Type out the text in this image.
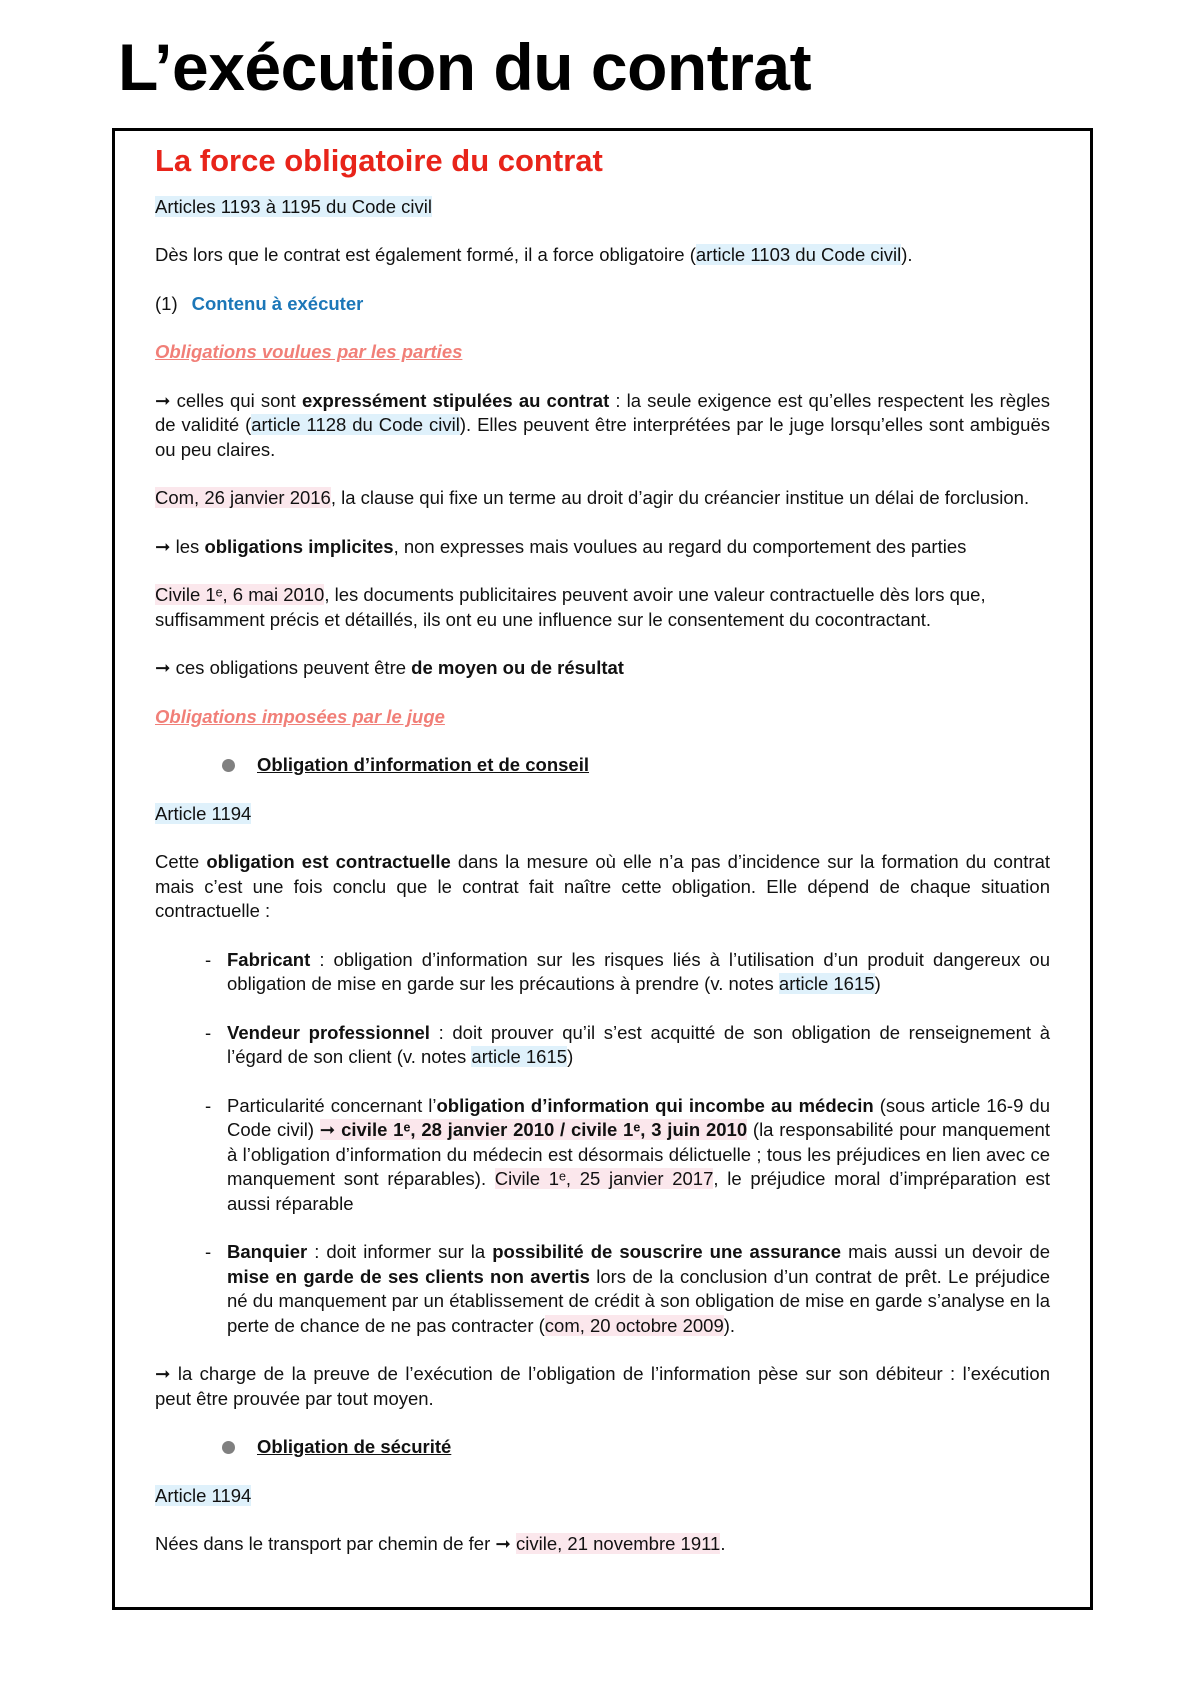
L’exécution du contrat
La force obligatoire du contrat

Articles 1193 à 1195 du Code civil

Dès lors que le contrat est également formé, il a force obligatoire (article 1103 du Code civil).

(1) Contenu à exécuter

Obligations voulues par les parties

➞ celles qui sont expressément stipulées au contrat : la seule exigence est qu’elles respectent les règles de validité (article 1128 du Code civil). Elles peuvent être interprétées par le juge lorsqu’elles sont ambiguës ou peu claires.

Com, 26 janvier 2016, la clause qui fixe un terme au droit d’agir du créancier institue un délai de forclusion.

➞ les obligations implicites, non expresses mais voulues au regard du comportement des parties

Civile 1ᵉ, 6 mai 2010, les documents publicitaires peuvent avoir une valeur contractuelle dès lors que, suffisamment précis et détaillés, ils ont eu une influence sur le consentement du cocontractant.

➞ ces obligations peuvent être de moyen ou de résultat

Obligations imposées par le juge

Obligation d’information et de conseil

Article 1194

Cette obligation est contractuelle dans la mesure où elle n’a pas d’incidence sur la formation du contrat mais c’est une fois conclu que le contrat fait naître cette obligation. Elle dépend de chaque situation contractuelle :

- Fabricant : obligation d’information sur les risques liés à l’utilisation d’un produit dangereux ou obligation de mise en garde sur les précautions à prendre (v. notes article 1615)
- Vendeur professionnel : doit prouver qu’il s’est acquitté de son obligation de renseignement à l’égard de son client (v. notes article 1615)
- Particularité concernant l’obligation d’information qui incombe au médecin (sous article 16-9 du Code civil) ➞ civile 1ᵉ, 28 janvier 2010 / civile 1ᵉ, 3 juin 2010 (la responsabilité pour manquement à l’obligation d’information du médecin est désormais délictuelle ; tous les préjudices en lien avec ce manquement sont réparables). Civile 1ᵉ, 25 janvier 2017, le préjudice moral d’impréparation est aussi réparable
- Banquier : doit informer sur la possibilité de souscrire une assurance mais aussi un devoir de mise en garde de ses clients non avertis lors de la conclusion d’un contrat de prêt. Le préjudice né du manquement par un établissement de crédit à son obligation de mise en garde s’analyse en la perte de chance de ne pas contracter (com, 20 octobre 2009).

➞ la charge de la preuve de l’exécution de l’obligation de l’information pèse sur son débiteur : l’exécution peut être prouvée par tout moyen.

Obligation de sécurité

Article 1194

Nées dans le transport par chemin de fer ➞ civile, 21 novembre 1911.
